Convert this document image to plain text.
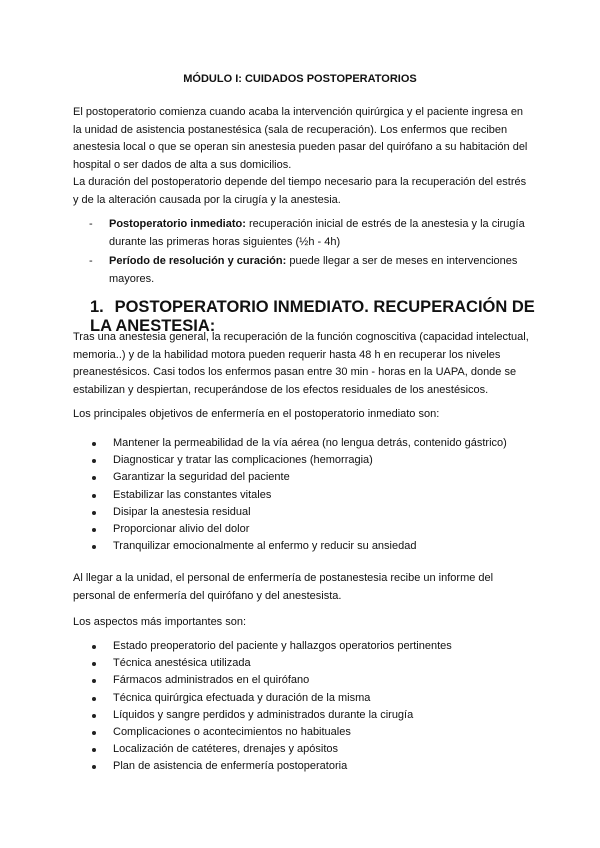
MÓDULO I: CUIDADOS POSTOPERATORIOS

El postoperatorio comienza cuando acaba la intervención quirúrgica y el paciente ingresa en la unidad de asistencia postanestésica (sala de recuperación). Los enfermos que reciben anestesia local o que se operan sin anestesia pueden pasar del quirófano a su habitación del hospital o ser dados de alta a sus domicilios.

La duración del postoperatorio depende del tiempo necesario para la recuperación del estrés y de la alteración causada por la cirugía y la anestesia.

- Postoperatorio inmediato: recuperación inicial de estrés de la anestesia y la cirugía durante las primeras horas siguientes (½h - 4h)
- Período de resolución y curación: puede llegar a ser de meses en intervenciones mayores.
1. POSTOPERATORIO INMEDIATO. RECUPERACIÓN DE LA ANESTESIA:

Tras una anestesia general, la recuperación de la función cognoscitiva (capacidad intelectual, memoria..) y de la habilidad motora pueden requerir hasta 48 h en recuperar los niveles preanestésicos. Casi todos los enfermos pasan entre 30 min - horas en la UAPA, donde se estabilizan y despiertan, recuperándose de los efectos residuales de los anestésicos.

Los principales objetivos de enfermería en el postoperatorio inmediato son:

Mantener la permeabilidad de la vía aérea (no lengua detrás, contenido gástrico)
Diagnosticar y tratar las complicaciones (hemorragia)
Garantizar la seguridad del paciente
Estabilizar las constantes vitales
Disipar la anestesia residual
Proporcionar alivio del dolor
Tranquilizar emocionalmente al enfermo y reducir su ansiedad

Al llegar a la unidad, el personal de enfermería de postanestesia recibe un informe del personal de enfermería del quirófano y del anestesista.

Los aspectos más importantes son:

Estado preoperatorio del paciente y hallazgos operatorios pertinentes
Técnica anestésica utilizada
Fármacos administrados en el quirófano
Técnica quirúrgica efectuada y duración de la misma
Líquidos y sangre perdidos y administrados durante la cirugía
Complicaciones o acontecimientos no habituales
Localización de catéteres, drenajes y apósitos
Plan de asistencia de enfermería postoperatoria
